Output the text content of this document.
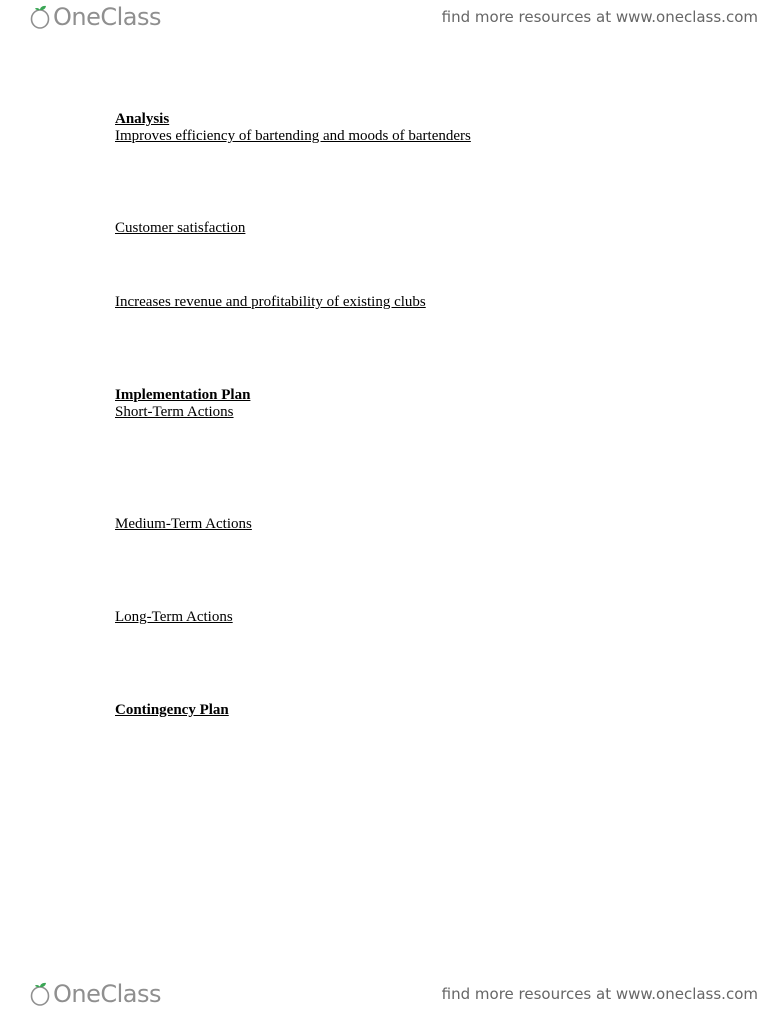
OneClass	find more resources at www.oneclass.com
Analysis
Improves efficiency of bartending and moods of bartenders
Customer satisfaction
Increases revenue and profitability of existing clubs
Implementation Plan
Short-Term Actions
Medium-Term Actions
Long-Term Actions
Contingency Plan
OneClass	find more resources at www.oneclass.com
